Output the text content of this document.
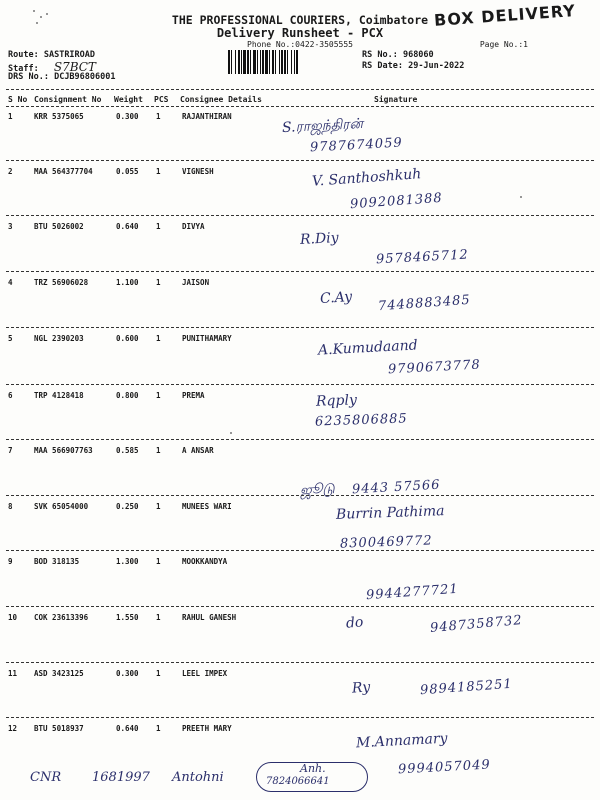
THE PROFESSIONAL COURIERS, Coimbatore
Delivery Runsheet - PCX
Phone No.:0422-3505555
BOX DELIVERY
Page No.:1
Route: SASTRIROAD
Staff: S7BCT
DRS No.: DCJB96806001
RS No.: 968060
RS Date: 29-Jun-2022
S No Consignment No Weight PCS Consignee Details	Signature
1	KRR 5375065	0.300 1	RAJANTHIRAN	S.ராஜந்திரன்
9787674059
2	MAA 564377704	0.055 1	VIGNESH	V. Santhoshkuh
9092081388
3	BTU 5026002	0.640 1	DIVYA
R.Diy
9578465712
4	TRZ 56906028	1.100 1	JAISON
C.Ay 7448883485
5	NGL 2390203	0.600 1	PUNITHAMARY	A.Kumudaand
9790673778
6	TRP 4128418	0.800 1	PREMA	Rqply
6235806885
7	MAA 566907763	0.585 1	A ANSAR
ஜூடு 9443 57566
8	SVK 65054000	0.250 1	MUNEES WARI	Burrin Pathima
8300469772
9	BOD 318135	1.300 1	MOOKKANDYA
9944277721
10 COK 23613396	1.550 1	RAHUL GANESH	do	9487358732
11 ASD 3423125	0.300 1	LEEL IMPEX
Ry	9894185251
12 BTU 5018937	0.640 1	PREETH MARY
M.Annamary
9994057049
CNR 1681997 Antohni
Anh.
7824066641
